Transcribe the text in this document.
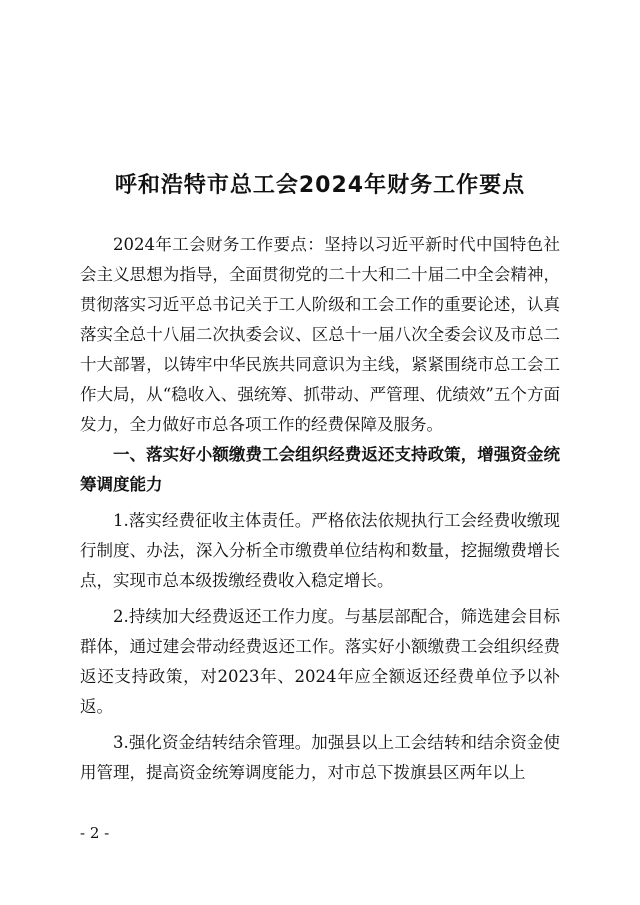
呼和浩特市总工会2024年财务工作要点

2024年工会财务工作要点：坚持以习近平新时代中国特色社会主义思想为指导，全面贯彻党的二十大和二十届二中全会精神，贯彻落实习近平总书记关于工人阶级和工会工作的重要论述，认真落实全总十八届二次执委会议、区总十一届八次全委会议及市总二十大部署，以铸牢中华民族共同意识为主线，紧紧围绕市总工会工作大局，从“稳收入、强统筹、抓带动、严管理、优绩效”五个方面发力，全力做好市总各项工作的经费保障及服务。

一、落实好小额缴费工会组织经费返还支持政策，增强资金统筹调度能力

1.落实经费征收主体责任。严格依法依规执行工会经费收缴现行制度、办法，深入分析全市缴费单位结构和数量，挖掘缴费增长点，实现市总本级拨缴经费收入稳定增长。

2.持续加大经费返还工作力度。与基层部配合，筛选建会目标群体，通过建会带动经费返还工作。落实好小额缴费工会组织经费返还支持政策，对2023年、2024年应全额返还经费单位予以补返。

3.强化资金结转结余管理。加强县以上工会结转和结余资金使用管理，提高资金统筹调度能力，对市总下拨旗县区两年以上

- 2 -
